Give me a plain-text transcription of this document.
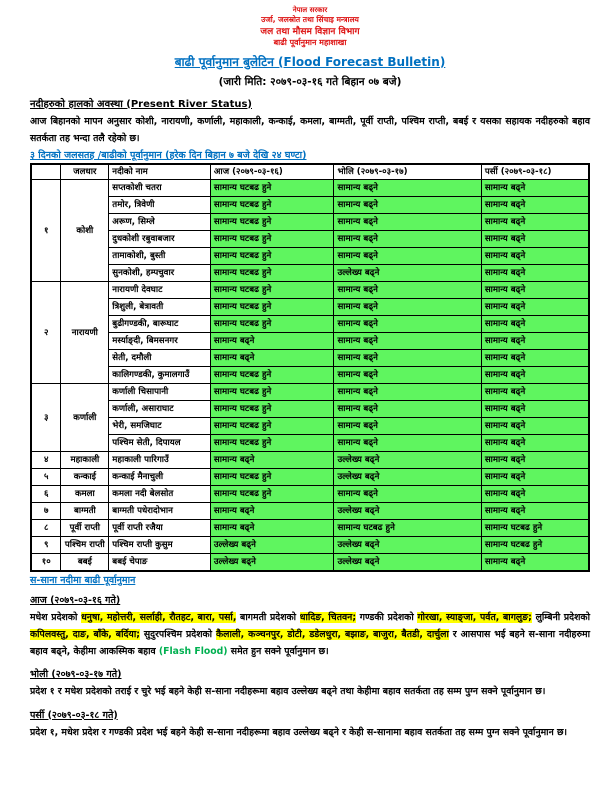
नेपाल सरकार
उर्जा, जलस्रोत तथा सिंचाइ मन्त्रालय
जल तथा मौसम विज्ञान विभाग
बाढी पूर्वानुमान महाशाखा
बाढी पूर्वानुमान बुलेटिन (Flood Forecast Bulletin)
(जारी मिति: २०७९-०३-१६ गते बिहान ०७ बजे)
नदीहरुको हालको अवस्था (Present River Status)
आज बिहानको मापन अनुसार कोशी, नारायणी, कर्णाली, महाकाली, कन्काई, कमला, बाग्मती, पूर्वी राप्ती, पश्चिम राप्ती, बबई र यसका सहायक नदीहरुको बहाव सतर्कता तह भन्दा तलै रहेको छ।
३ दिनको जलसतह /बाढीको पूर्वानुमान (हरेक दिन बिहान ७ बजे देखि २४ घण्टा)
	जलधार	नदीको नाम	आज (२०७९-०३-१६)	भोलि (२०७९-०३-१७)	पर्सी (२०७९-०३-१८)
१	कोशी	सप्तकोशी चतरा	सामान्य घटबढ हुने	सामान्य बढ्ने	सामान्य बढ्ने
		तमोर, त्रिवेणी	सामान्य घटबढ हुने	सामान्य बढ्ने	सामान्य बढ्ने
		अरूण, सिम्ले	सामान्य घटबढ हुने	सामान्य बढ्ने	सामान्य बढ्ने
		दुधकोशी रबुवाबजार	सामान्य घटबढ हुने	सामान्य बढ्ने	सामान्य बढ्ने
		तामाकोशी, बुस्ती	सामान्य घटबढ हुने	सामान्य बढ्ने	सामान्य बढ्ने
		सुनकोशी, हम्पचुवार	सामान्य घटबढ हुने	उल्लेख्य बढ्ने	सामान्य बढ्ने
२	नारायणी	नारायणी देवघाट	सामान्य घटबढ हुने	सामान्य बढ्ने	सामान्य बढ्ने
		त्रिशुली, बेत्रावती	सामान्य घटबढ हुने	सामान्य बढ्ने	सामान्य बढ्ने
		बुढीगण्डकी, बारूघाट	सामान्य घटबढ हुने	सामान्य बढ्ने	सामान्य बढ्ने
		मर्स्याङ्दी, बिमसनगर	सामान्य बढ्ने	सामान्य बढ्ने	सामान्य बढ्ने
		सेती, दमौली	सामान्य बढ्ने	सामान्य बढ्ने	सामान्य बढ्ने
		कालिगण्डकी, कुमालगाउँ	सामान्य घटबढ हुने	सामान्य बढ्ने	सामान्य बढ्ने
३	कर्णाली	कर्णाली चिसापानी	सामान्य घटबढ हुने	सामान्य बढ्ने	सामान्य बढ्ने
		कर्णाली, असाराघाट	सामान्य घटबढ हुने	सामान्य बढ्ने	सामान्य बढ्ने
		भेरी, समजिघाट	सामान्य घटबढ हुने	सामान्य बढ्ने	सामान्य बढ्ने
		पश्चिम सेती, दिपायल	सामान्य घटबढ हुने	सामान्य बढ्ने	सामान्य बढ्ने
४	महाकाली	महाकाली पारिगाउँ	सामान्य बढ्ने	उल्लेख्य बढ्ने	सामान्य बढ्ने
५	कन्काई	कन्काई मैनाचुली	सामान्य घटबढ हुने	उल्लेख्य बढ्ने	सामान्य बढ्ने
६	कमला	कमला नदी बेलसोत	सामान्य घटबढ हुने	सामान्य बढ्ने	सामान्य बढ्ने
७	बाग्मती	बाग्मती पधेरादोभान	सामान्य बढ्ने	उल्लेख्य बढ्ने	सामान्य बढ्ने
८	पूर्वी राप्ती	पूर्वी राप्ती रजैया	सामान्य बढ्ने	सामान्य घटबढ हुने	सामान्य घटबढ हुने
९	पश्चिम राप्ती	पश्चिम राप्ती कुसुम	उल्लेख्य बढ्ने	उल्लेख्य बढ्ने	सामान्य घटबढ हुने
१०	बबई	बबई चेपाङ	उल्लेख्य बढ्ने	उल्लेख्य बढ्ने	सामान्य बढ्ने
स-साना नदीमा बाढी पूर्वानुमान
आज (२०७९-०३-१६ गते)
मधेश प्रदेशको धनुषा, महोत्तरी, सर्लाही, रौतहट, बारा, पर्सा, बागमती प्रदेशको धादिङ, चितवन; गण्डकी प्रदेशको गोरखा, स्याङ्जा, पर्वत, बागलुङ; लुम्बिनी प्रदेशको कपिलवस्तु, दाङ, बाँके, बर्दिया; सुदुरपश्चिम प्रदेशको कैलाली, कञ्चनपुर, डोटी, डडेलधुरा, बझाङ, बाजुरा, बैतडी, दार्चुला र आसपास भई बहने स-साना नदीहरुमा बहाव बढ्ने, केहीमा आकस्मिक बहाव (Flash Flood) समेत हुन सक्ने पूर्वानुमान छ।
भोली (२०७९-०३-१७ गते)
प्रदेश १ र मधेश प्रदेशको तराई र चुरे भई बहने केही स-साना नदीहरूमा बहाव उल्लेख्य बढ्ने तथा केहीमा बहाव सतर्कता तह सम्म पुग्न सक्ने पूर्वानुमान छ।
पर्सी (२०७९-०३-१८ गते)
प्रदेश १, मधेश प्रदेश र गण्डकी प्रदेश भई बहने केही स-साना नदीहरूमा बहाव उल्लेख्य बढ्ने र केही स-सानामा बहाव सतर्कता तह सम्म पुग्न सक्ने पूर्वानुमान छ।
